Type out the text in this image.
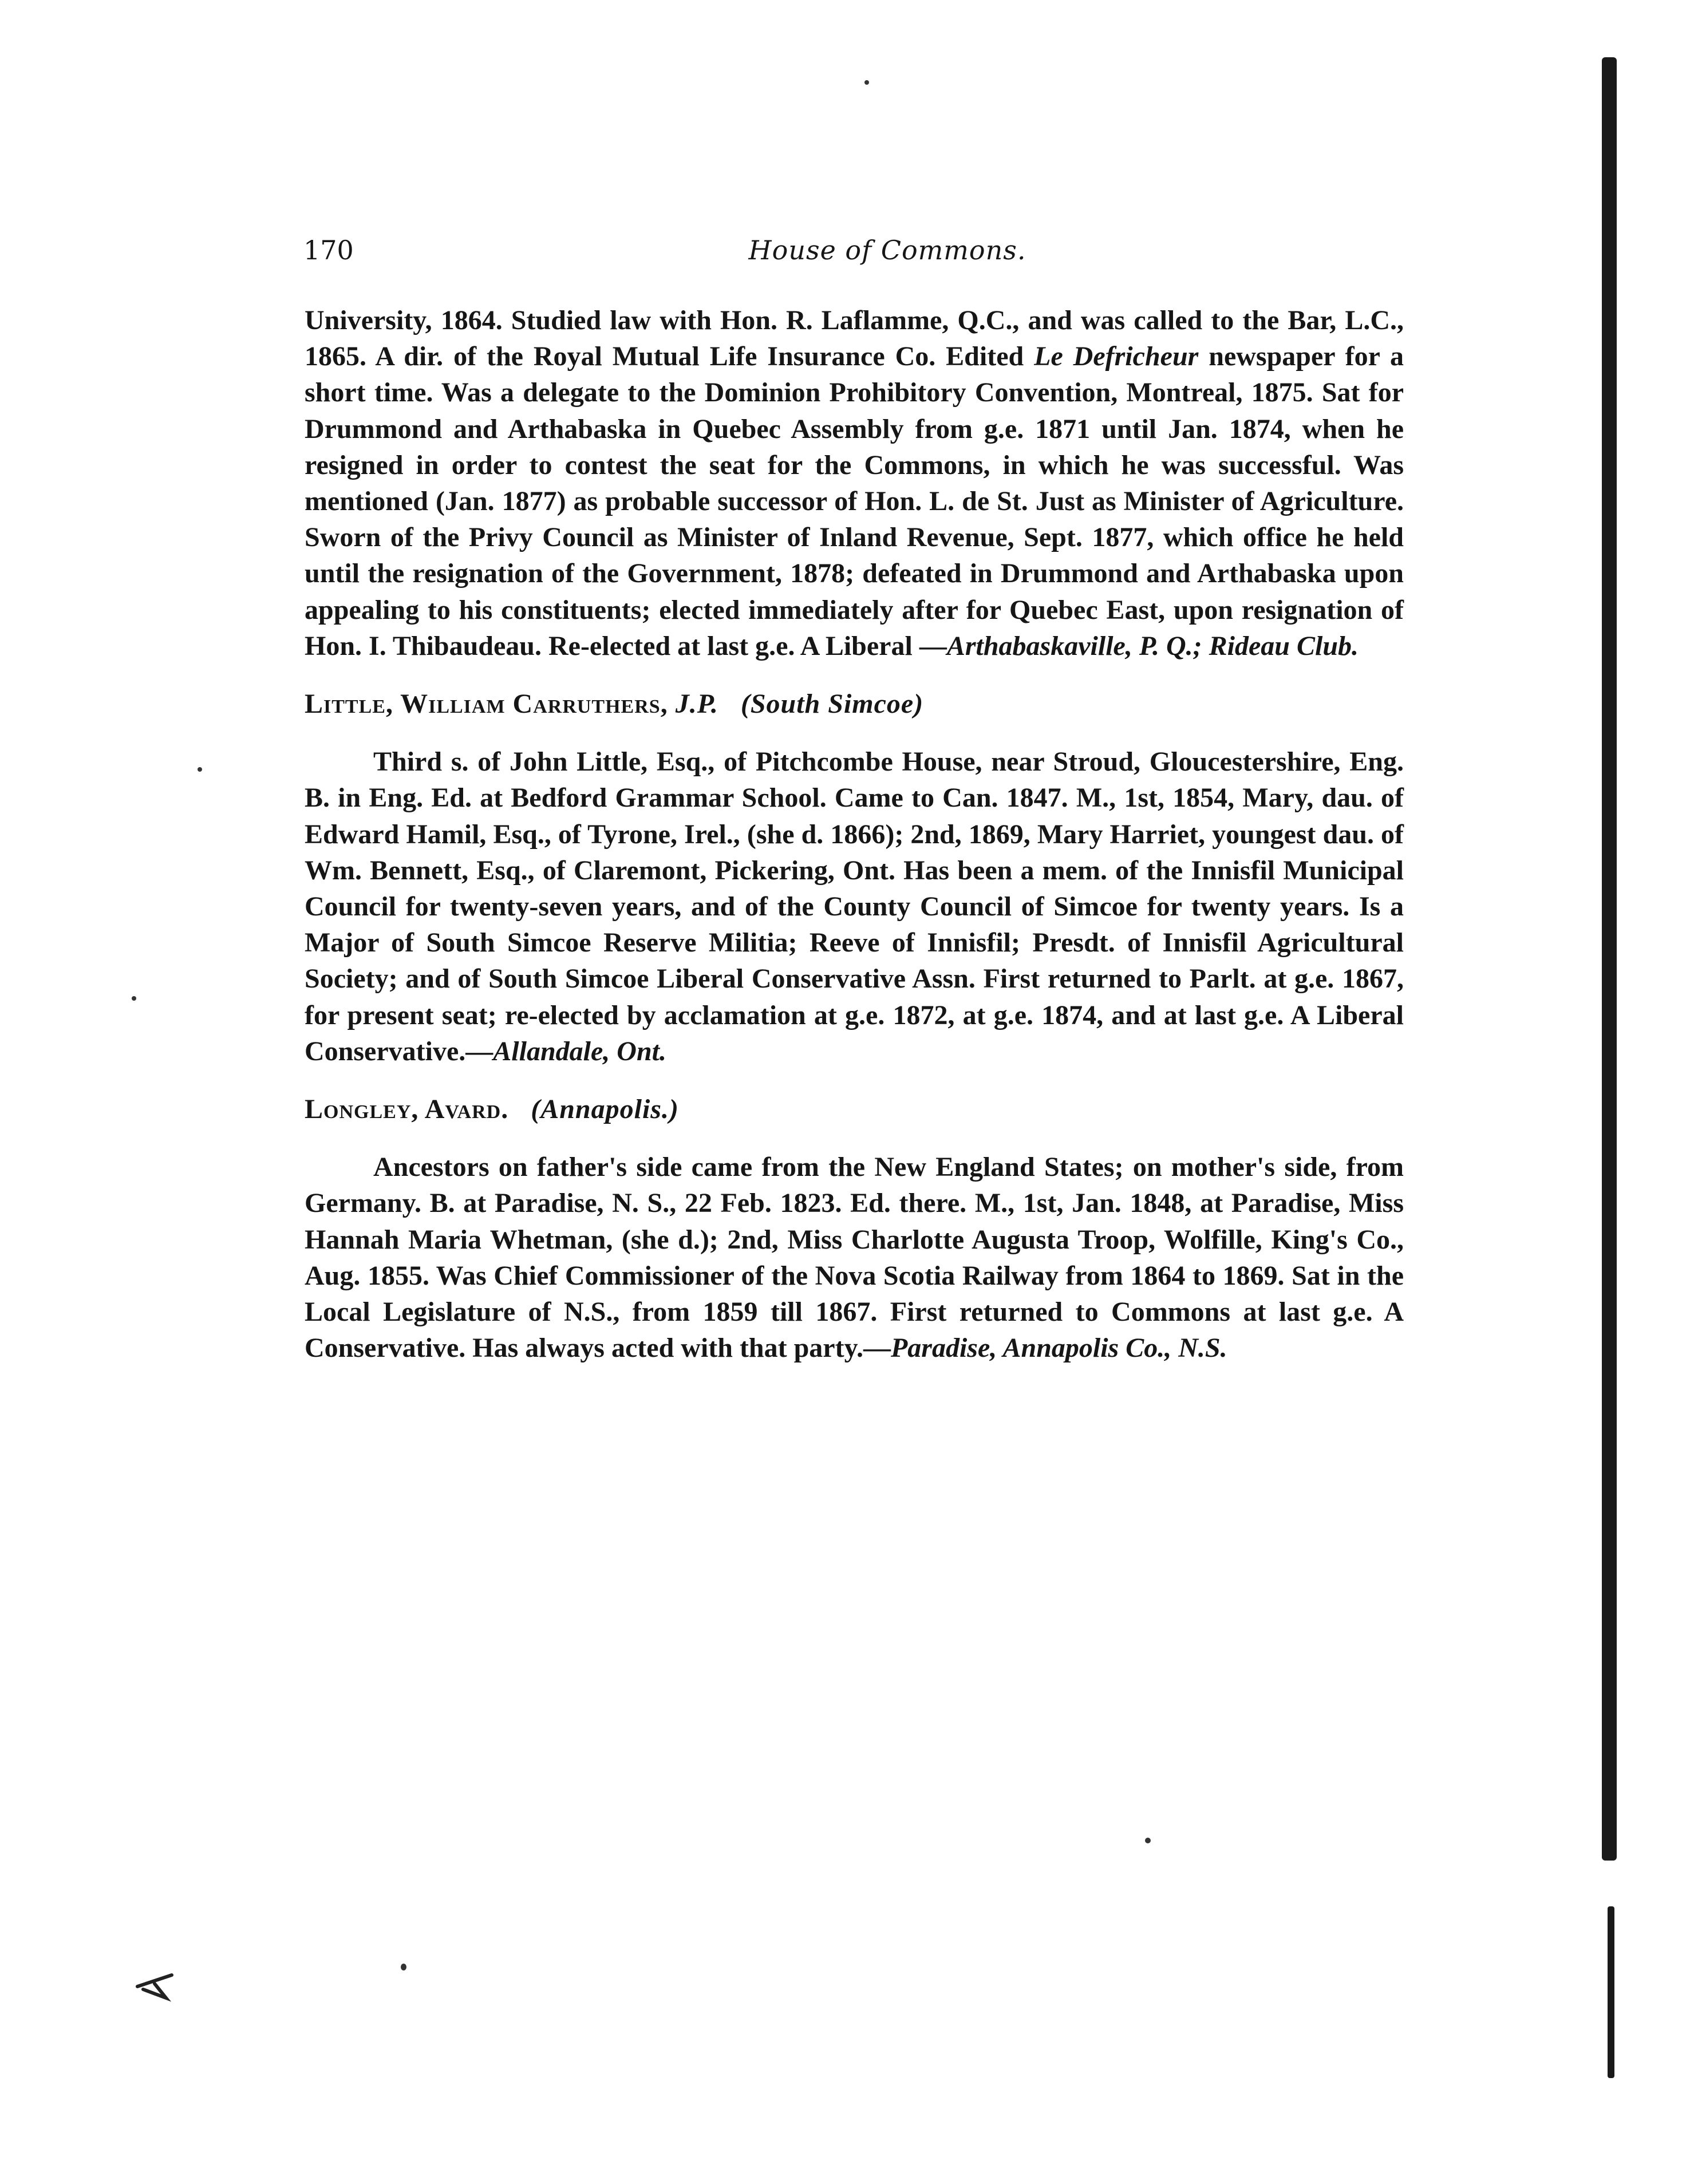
170	House of Commons.

University, 1864. Studied law with Hon. R. Laflamme, Q.C., and was called to the Bar, L.C., 1865. A dir. of the Royal Mutual Life Insurance Co. Edited Le Defricheur newspaper for a short time. Was a delegate to the Dominion Prohibitory Convention, Montreal, 1875. Sat for Drummond and Arthabaska in Quebec Assembly from g.e. 1871 until Jan. 1874, when he resigned in order to contest the seat for the Commons, in which he was successful. Was mentioned (Jan. 1877) as probable successor of Hon. L. de St. Just as Minister of Agriculture. Sworn of the Privy Council as Minister of Inland Revenue, Sept. 1877, which office he held until the resignation of the Government, 1878; defeated in Drummond and Arthabaska upon appealing to his constituents; elected immediately after for Quebec East, upon resignation of Hon. I. Thibaudeau. Re-elected at last g.e. A Liberal —Arthabaskaville, P. Q.; Rideau Club.

Little, William Carruthers, J.P. (South Simcoe)

Third s. of John Little, Esq., of Pitchcombe House, near Stroud, Gloucestershire, Eng. B. in Eng. Ed. at Bedford Grammar School. Came to Can. 1847. M., 1st, 1854, Mary, dau. of Edward Hamil, Esq., of Tyrone, Irel., (she d. 1866); 2nd, 1869, Mary Harriet, youngest dau. of Wm. Bennett, Esq., of Claremont, Pickering, Ont. Has been a mem. of the Innisfil Municipal Council for twenty-seven years, and of the County Council of Simcoe for twenty years. Is a Major of South Simcoe Reserve Militia; Reeve of Innisfil; Presdt. of Innisfil Agricultural Society; and of South Simcoe Liberal Conservative Assn. First returned to Parlt. at g.e. 1867, for present seat; re-elected by acclamation at g.e. 1872, at g.e. 1874, and at last g.e. A Liberal Conservative.—Allandale, Ont.

Longley, Avard. (Annapolis.)

Ancestors on father's side came from the New England States; on mother's side, from Germany. B. at Paradise, N. S., 22 Feb. 1823. Ed. there. M., 1st, Jan. 1848, at Paradise, Miss Hannah Maria Whetman, (she d.); 2nd, Miss Charlotte Augusta Troop, Wolfille, King's Co., Aug. 1855. Was Chief Commissioner of the Nova Scotia Railway from 1864 to 1869. Sat in the Local Legislature of N.S., from 1859 till 1867. First returned to Commons at last g.e. A Conservative. Has always acted with that party.—Paradise, Annapolis Co., N.S.
